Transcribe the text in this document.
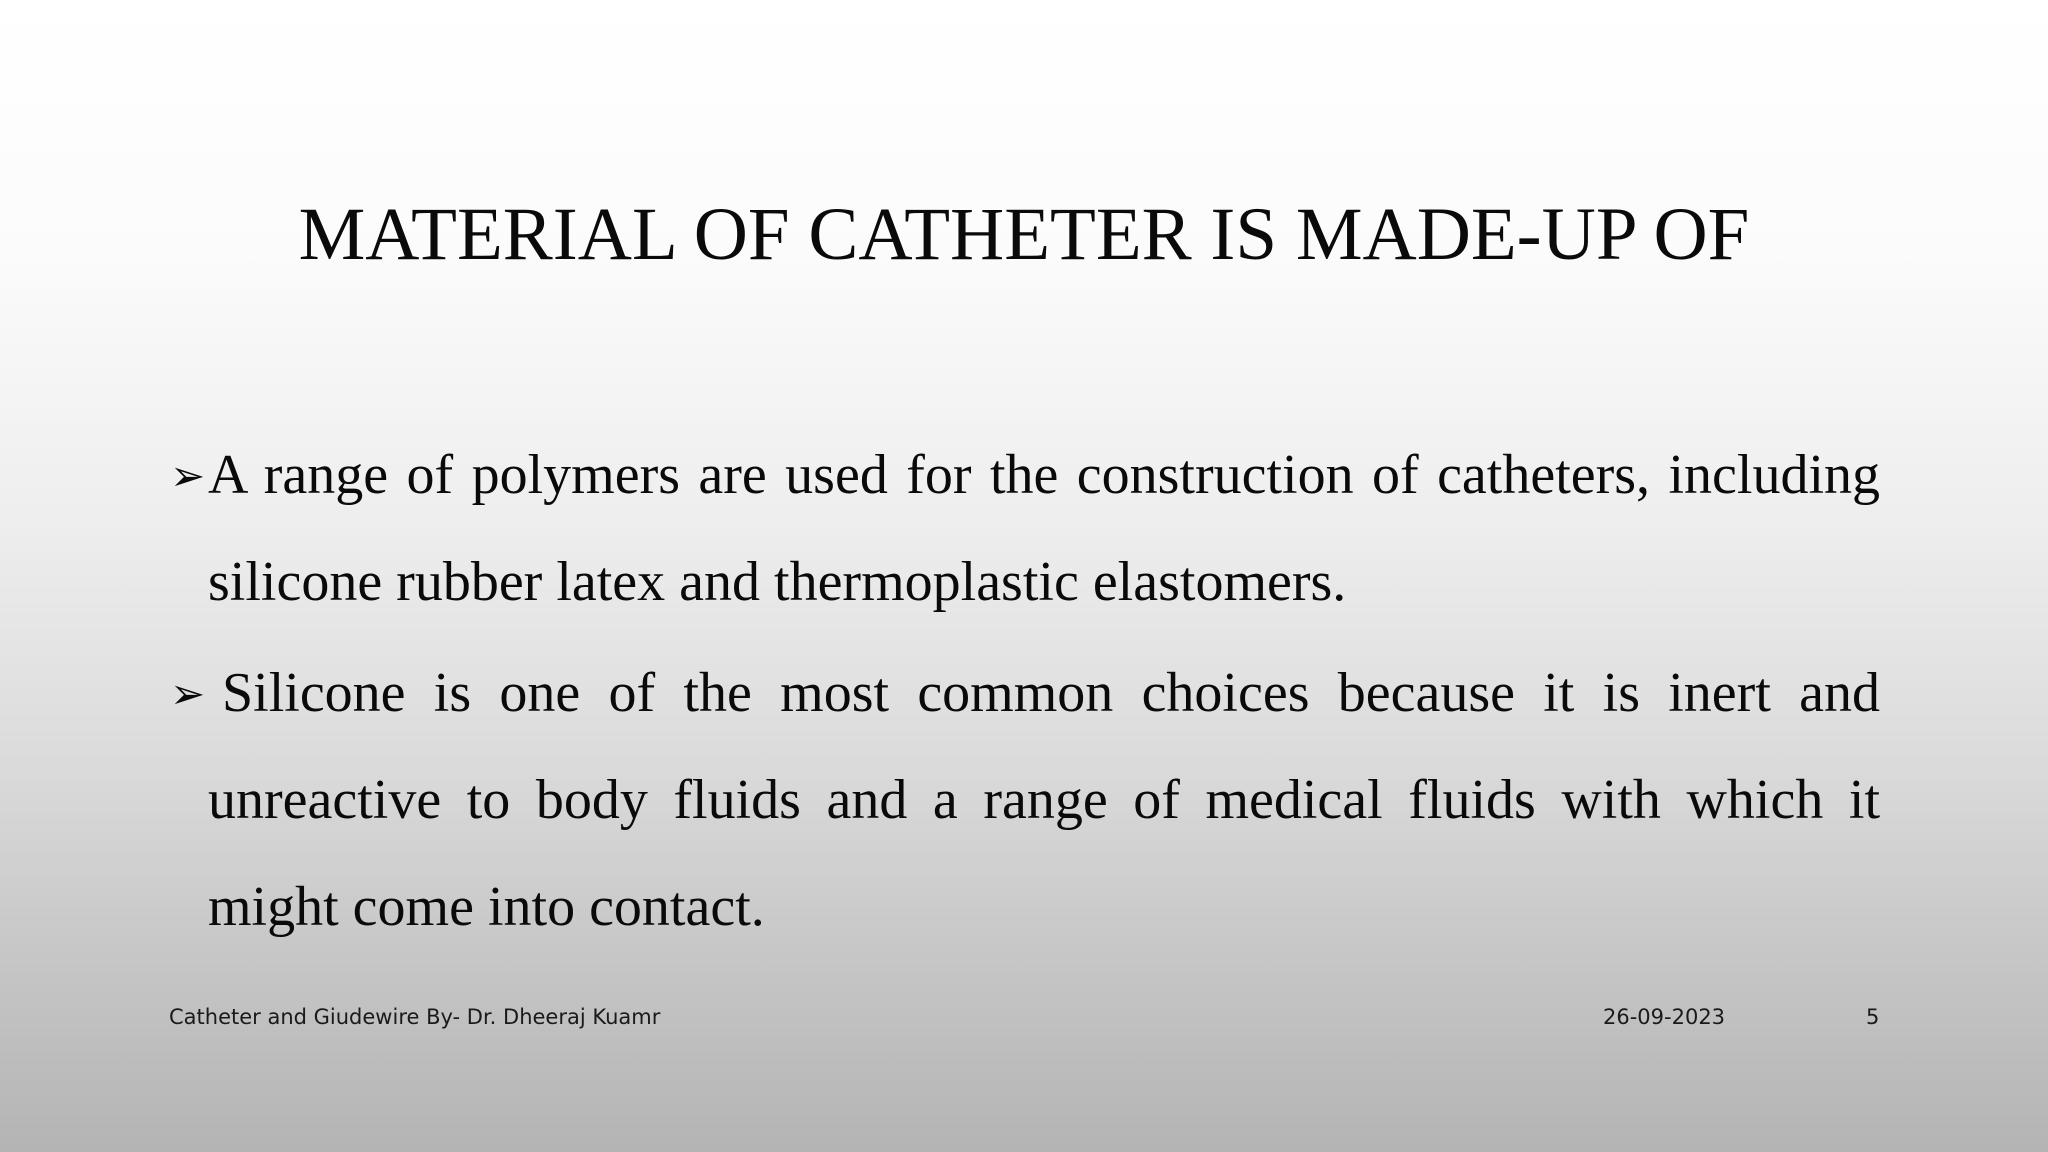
MATERIAL OF CATHETER IS MADE-UP OF

➢ A range of polymers are used for the construction of catheters, including silicone rubber latex and thermoplastic elastomers.

➢ Silicone is one of the most common choices because it is inert and unreactive to body fluids and a range of medical fluids with which it might come into contact.

Catheter and Giudewire By- Dr. Dheeraj Kuamr	26-09-2023	5
